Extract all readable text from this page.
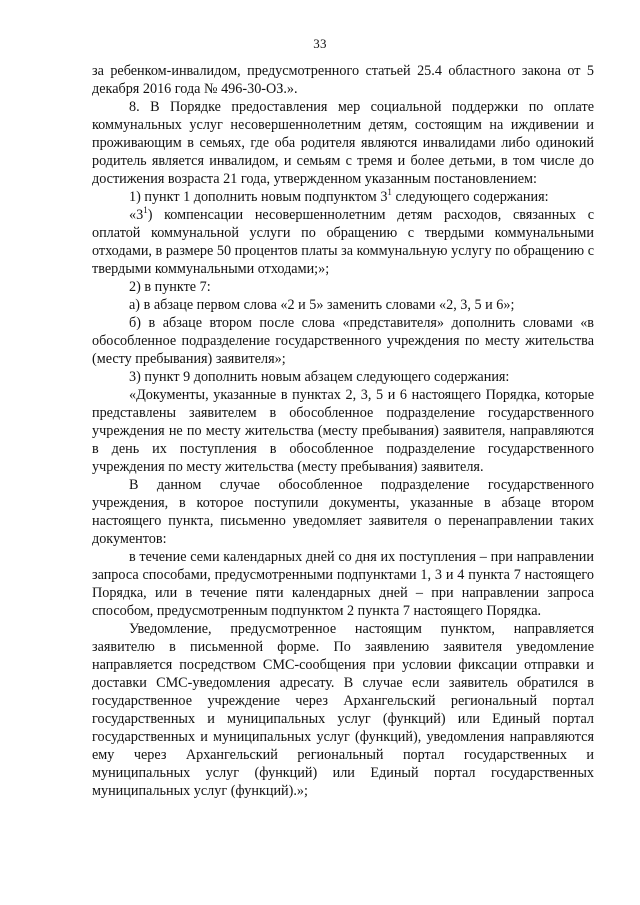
33

за ребенком-инвалидом, предусмотренного статьей 25.4 областного закона от 5 декабря 2016 года № 496-30-ОЗ.».

8. В Порядке предоставления мер социальной поддержки по оплате коммунальных услуг несовершеннолетним детям, состоящим на иждивении и проживающим в семьях, где оба родителя являются инвалидами либо одинокий родитель является инвалидом, и семьям с тремя и более детьми, в том числе до достижения возраста 21 года, утвержденном указанным постановлением:

1) пункт 1 дополнить новым подпунктом $3^1$ следующего содержания:

«$3^1$) компенсации несовершеннолетним детям расходов, связанных с оплатой коммунальной услуги по обращению с твердыми коммунальными отходами, в размере 50 процентов платы за коммунальную услугу по обращению с твердыми коммунальными отходами;»;

2) в пункте 7:

а) в абзаце первом слова «2 и 5» заменить словами «2, 3, 5 и 6»;

б) в абзаце втором после слова «представителя» дополнить словами «в обособленное подразделение государственного учреждения по месту жительства (месту пребывания) заявителя»;

3) пункт 9 дополнить новым абзацем следующего содержания:

«Документы, указанные в пунктах 2, 3, 5 и 6 настоящего Порядка, которые представлены заявителем в обособленное подразделение государственного учреждения не по месту жительства (месту пребывания) заявителя, направляются в день их поступления в обособленное подразделение государственного учреждения по месту жительства (месту пребывания) заявителя.

В данном случае обособленное подразделение государственного учреждения, в которое поступили документы, указанные в абзаце втором настоящего пункта, письменно уведомляет заявителя о перенаправлении таких документов:

в течение семи календарных дней со дня их поступления – при направлении запроса способами, предусмотренными подпунктами 1, 3 и 4 пункта 7 настоящего Порядка, или в течение пяти календарных дней – при направлении запроса способом, предусмотренным подпунктом 2 пункта 7 настоящего Порядка.

Уведомление, предусмотренное настоящим пунктом, направляется заявителю в письменной форме. По заявлению заявителя уведомление направляется посредством СМС-сообщения при условии фиксации отправки и доставки СМС-уведомления адресату. В случае если заявитель обратился в государственное учреждение через Архангельский региональный портал государственных и муниципальных услуг (функций) или Единый портал государственных и муниципальных услуг (функций), уведомления направляются ему через Архангельский региональный портал государственных и муниципальных услуг (функций) или Единый портал государственных муниципальных услуг (функций).»;
